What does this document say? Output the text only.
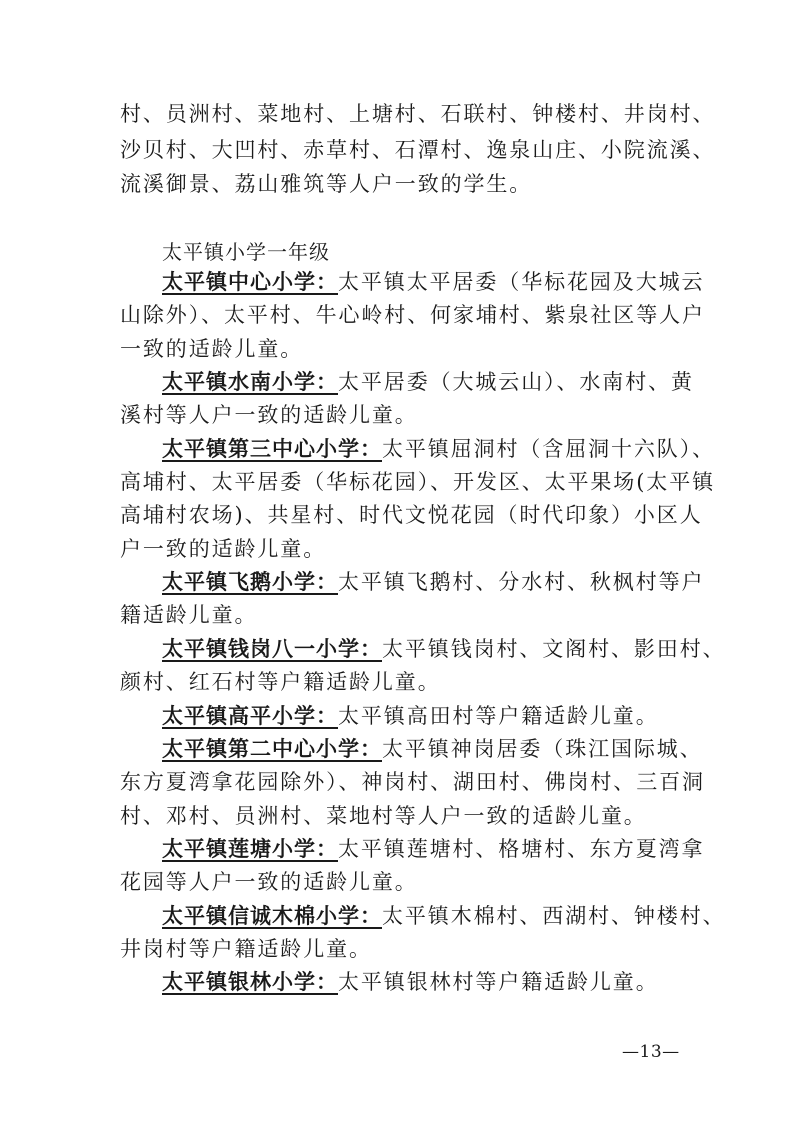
村、员洲村、菜地村、上塘村、石联村、钟楼村、井岗村、
沙贝村、大凹村、赤草村、石潭村、逸泉山庄、小院流溪、
流溪御景、荔山雅筑等人户一致的学生。
太平镇小学一年级
太平镇中心小学：太平镇太平居委（华标花园及大城云
山除外）、太平村、牛心岭村、何家埔村、紫泉社区等人户
一致的适龄儿童。
太平镇水南小学：太平居委（大城云山）、水南村、黄
溪村等人户一致的适龄儿童。
太平镇第三中心小学：太平镇屈洞村（含屈洞十六队）、
高埔村、太平居委（华标花园）、开发区、太平果场(太平镇
高埔村农场)、共星村、时代文悦花园（时代印象）小区人
户一致的适龄儿童。
太平镇飞鹅小学：太平镇飞鹅村、分水村、秋枫村等户
籍适龄儿童。
太平镇钱岗八一小学：太平镇钱岗村、文阁村、影田村、
颜村、红石村等户籍适龄儿童。
太平镇高平小学：太平镇高田村等户籍适龄儿童。
太平镇第二中心小学：太平镇神岗居委（珠江国际城、
东方夏湾拿花园除外）、神岗村、湖田村、佛岗村、三百洞
村、邓村、员洲村、菜地村等人户一致的适龄儿童。
太平镇莲塘小学：太平镇莲塘村、格塘村、东方夏湾拿
花园等人户一致的适龄儿童。
太平镇信诚木棉小学：太平镇木棉村、西湖村、钟楼村、
井岗村等户籍适龄儿童。
太平镇银林小学：太平镇银林村等户籍适龄儿童。
—13—
